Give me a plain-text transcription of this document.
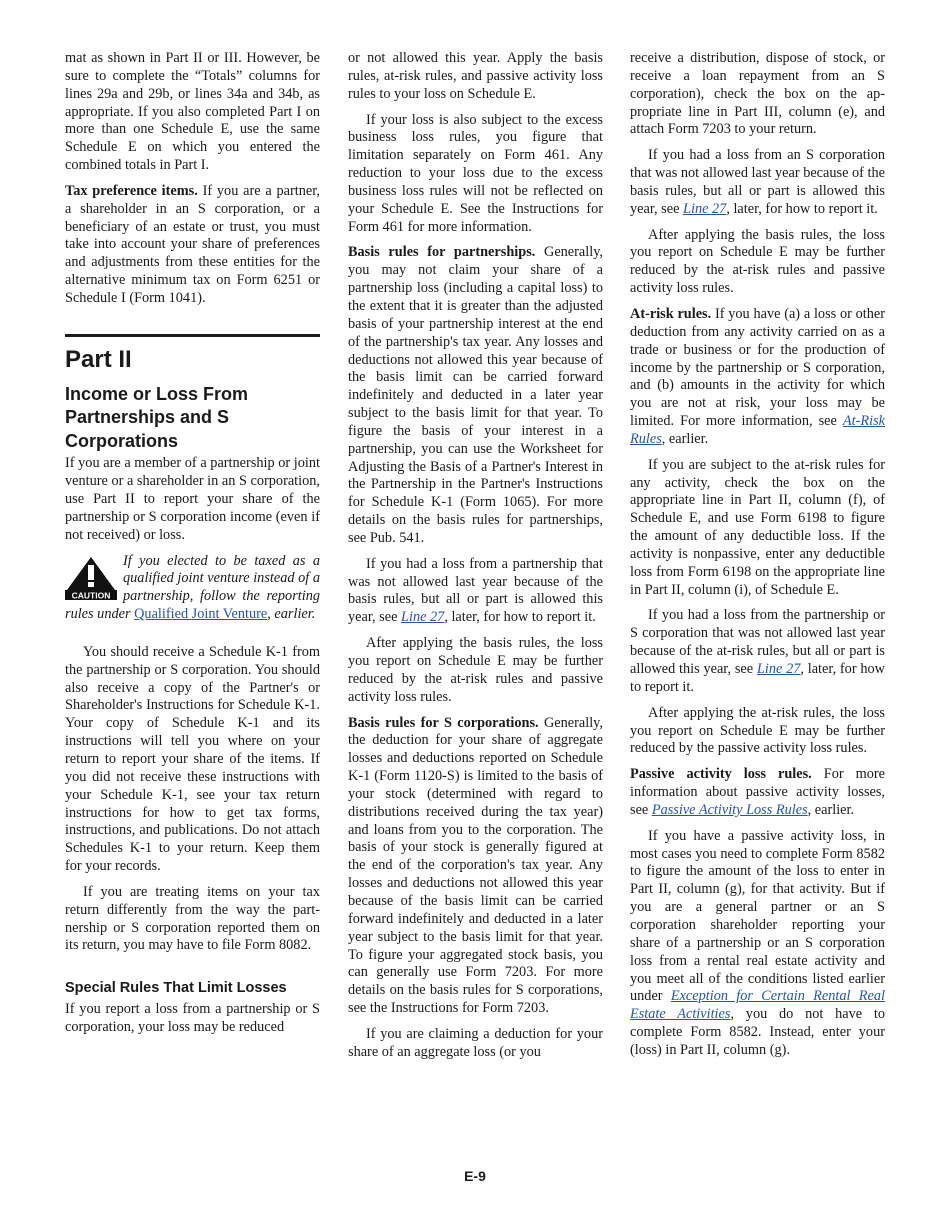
mat as shown in Part II or III. However, be sure to complete the “Totals” columns for lines 29a and 29b, or lines 34a and 34b, as appropriate. If you also completed Part I on more than one Schedule E, use the same Schedule E on which you entered the combined totals in Part I.

Tax preference items. If you are a partner, a shareholder in an S corporation, or a beneficiary of an estate or trust, you must take into account your share of preferences and adjustments from these entities for the alternative minimum tax on Form 6251 or Schedule I (Form 1041).

Part II
Income or Loss From Partnerships and S Corporations

If you are a member of a partnership or joint venture or a shareholder in an S corporation, use Part II to report your share of the partnership or S corporation income (even if not received) or loss.

CAUTION

If you elected to be taxed as a qualified joint venture instead of a partnership, follow the reporting rules under Qualified Joint Venture, earlier.

You should receive a Schedule K-1 from the partnership or S corporation. You should also receive a copy of the Partner's or Shareholder's Instructions for Schedule K-1. Your copy of Schedule K-1 and its instructions will tell you where on your return to report your share of the items. If you did not receive these instructions with your Schedule K-1, see your tax return instructions for how to get tax forms, instructions, and publications. Do not attach Schedules K-1 to your return. Keep them for your records.

If you are treating items on your tax return differently from the way the partnership or S corporation reported them on its return, you may have to file Form 8082.

Special Rules That Limit Losses

If you report a loss from a partnership or S corporation, your loss may be reduced

or not allowed this year. Apply the basis rules, at-risk rules, and passive activity loss rules to your loss on Schedule E.

If your loss is also subject to the excess business loss rules, you figure that limitation separately on Form 461. Any reduction to your loss due to the excess business loss rules will not be reflected on your Schedule E. See the Instructions for Form 461 for more information.

Basis rules for partnerships. Generally, you may not claim your share of a partnership loss (including a capital loss) to the extent that it is greater than the adjusted basis of your partnership interest at the end of the partnership's tax year. Any losses and deductions not allowed this year because of the basis limit can be carried forward indefinitely and deducted in a later year subject to the basis limit for that year. To figure the basis of your interest in a partnership, you can use the Worksheet for Adjusting the Basis of a Partner's Interest in the Partnership in the Partner's Instructions for Schedule K-1 (Form 1065). For more details on the basis rules for partnerships, see Pub. 541.

If you had a loss from a partnership that was not allowed last year because of the basis rules, but all or part is allowed this year, see Line 27, later, for how to report it.

After applying the basis rules, the loss you report on Schedule E may be further reduced by the at-risk rules and passive activity loss rules.

Basis rules for S corporations. Generally, the deduction for your share of aggregate losses and deductions reported on Schedule K-1 (Form 1120-S) is limited to the basis of your stock (determined with regard to distributions received during the tax year) and loans from you to the corporation. The basis of your stock is generally figured at the end of the corporation's tax year. Any losses and deductions not allowed this year because of the basis limit can be carried forward indefinitely and deducted in a later year subject to the basis limit for that year. To figure your aggregated stock basis, you can generally use Form 7203. For more details on the basis rules for S corporations, see the Instructions for Form 7203.

If you are claiming a deduction for your share of an aggregate loss (or you

receive a distribution, dispose of stock, or receive a loan repayment from an S corporation), check the box on the appropriate line in Part III, column (e), and attach Form 7203 to your return.

If you had a loss from an S corporation that was not allowed last year because of the basis rules, but all or part is allowed this year, see Line 27, later, for how to report it.

After applying the basis rules, the loss you report on Schedule E may be further reduced by the at-risk rules and passive activity loss rules.

At-risk rules. If you have (a) a loss or other deduction from any activity carried on as a trade or business or for the production of income by the partnership or S corporation, and (b) amounts in the activity for which you are not at risk, your loss may be limited. For more information, see At-Risk Rules, earlier.

If you are subject to the at-risk rules for any activity, check the box on the appropriate line in Part II, column (f), of Schedule E, and use Form 6198 to figure the amount of any deductible loss. If the activity is nonpassive, enter any deductible loss from Form 6198 on the appropriate line in Part II, column (i), of Schedule E.

If you had a loss from the partnership or S corporation that was not allowed last year because of the at-risk rules, but all or part is allowed this year, see Line 27, later, for how to report it.

After applying the at-risk rules, the loss you report on Schedule E may be further reduced by the passive activity loss rules.

Passive activity loss rules. For more information about passive activity losses, see Passive Activity Loss Rules, earlier.

If you have a passive activity loss, in most cases you need to complete Form 8582 to figure the amount of the loss to enter in Part II, column (g), for that activity. But if you are a general partner or an S corporation shareholder reporting your share of a partnership or an S corporation loss from a rental real estate activity and you meet all of the conditions listed earlier under Exception for Certain Rental Real Estate Activities, you do not have to complete Form 8582. Instead, enter your (loss) in Part II, column (g).

E-9
